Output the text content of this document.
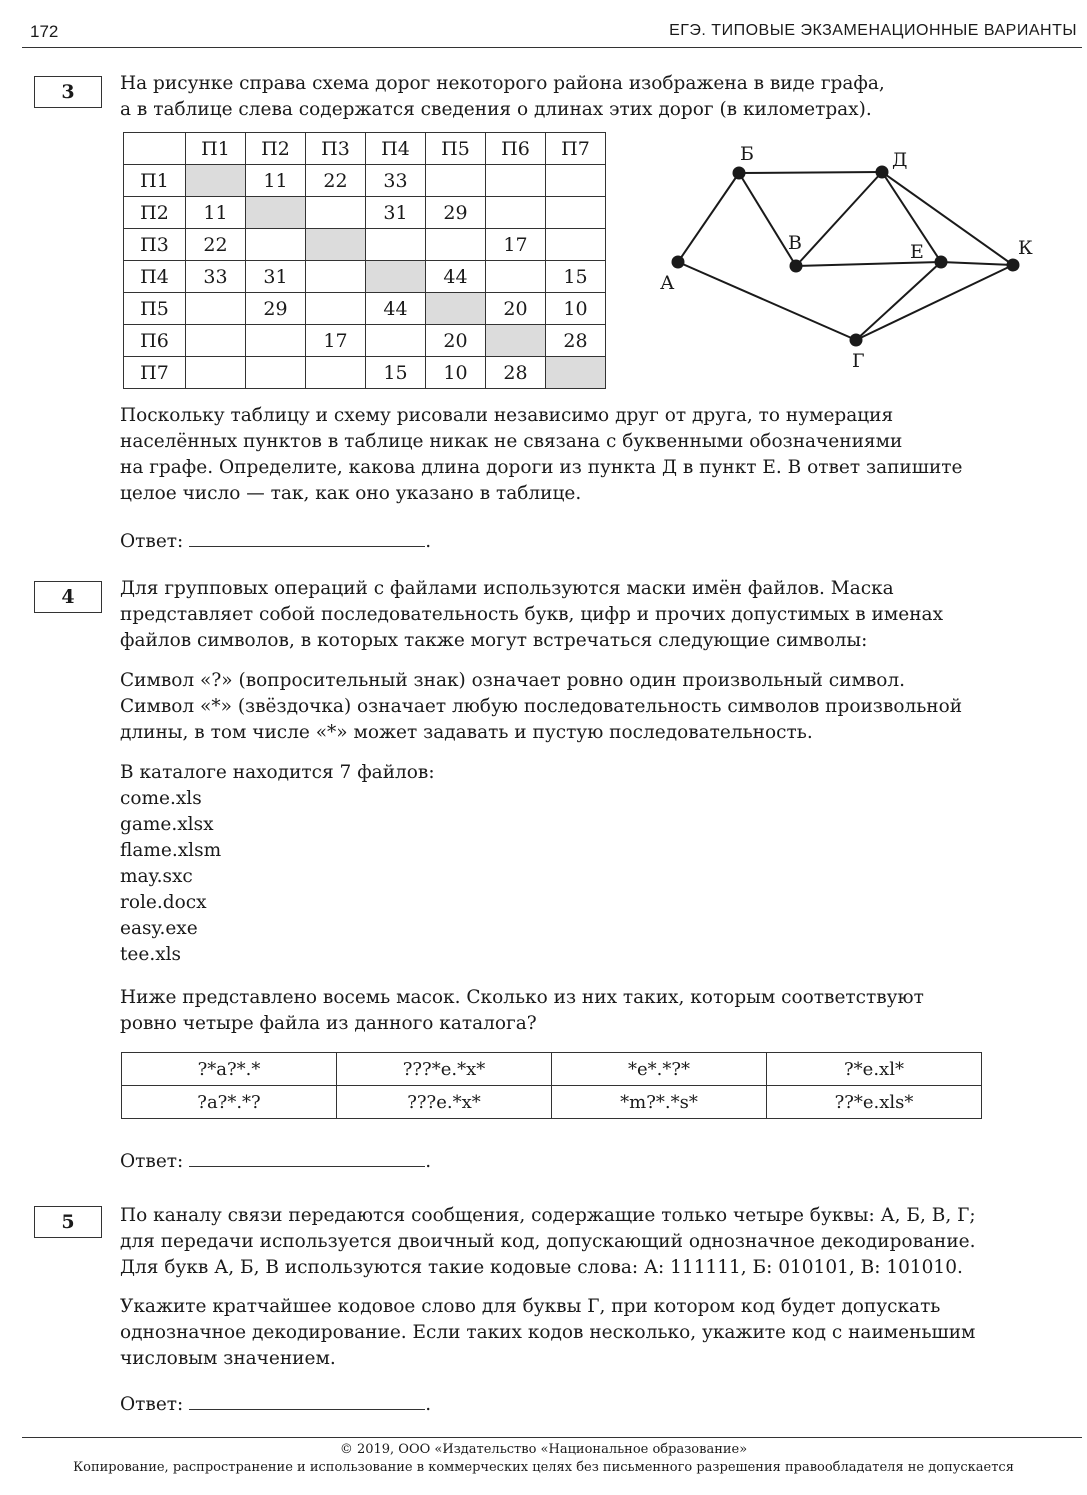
172	ЕГЭ. ТИПОВЫЕ ЭКЗАМЕНАЦИОННЫЕ ВАРИАНТЫ
3	На рисунке справа схема дорог некоторого района изображена в виде графа,
а в таблице слева содержатся сведения о длинах этих дорог (в километрах).
	П1	П2	П3	П4	П5	П6	П7
П1		11	22	33			
П2	11			31	29		
П3	22					17	
П4	33	31			44		15
П5		29		44		20	10
П6			17		20		28
П7				15	10	28	
А
Б
В
Д
Е	К
Г
Поскольку таблицу и схему рисовали независимо друг от друга, то нумерация
населённых пунктов в таблице никак не связана с буквенными обозначениями
на графе. Определите, какова длина дороги из пункта Д в пункт Е. В ответ запишите
целое число — так, как оно указано в таблице.
Ответ:	.
4	Для групповых операций с файлами используются маски имён файлов. Маска
представляет собой последовательность букв, цифр и прочих допустимых в именах
файлов символов, в которых также могут встречаться следующие символы:
Символ «?» (вопросительный знак) означает ровно один произвольный символ.
Символ «*» (звёздочка) означает любую последовательность символов произвольной
длины, в том числе «*» может задавать и пустую последовательность.
В каталоге находится 7 файлов:
come.xls
game.xlsx
flame.xlsm
may.sxc
role.docx
easy.exe
tee.xls
Ниже представлено восемь масок. Сколько из них таких, которым соответствуют
ровно четыре файла из данного каталога?
?*a?*.*	???*e.*x*	*e*.*?*	?*e.xl*
?a?*.*?	???e.*x*	*m?*.*s*	??*e.xls*
Ответ:	.
5	По каналу связи передаются сообщения, содержащие только четыре буквы: А, Б, В, Г;
для передачи используется двоичный код, допускающий однозначное декодирование.
Для букв А, Б, В используются такие кодовые слова: А: 111111, Б: 010101, В: 101010.
Укажите кратчайшее кодовое слово для буквы Г, при котором код будет допускать
однозначное декодирование. Если таких кодов несколько, укажите код с наименьшим
числовым значением.
Ответ:	.
© 2019, ООО «Издательство «Национальное образование»
Копирование, распространение и использование в коммерческих целях без письменного разрешения правообладателя не допускается
